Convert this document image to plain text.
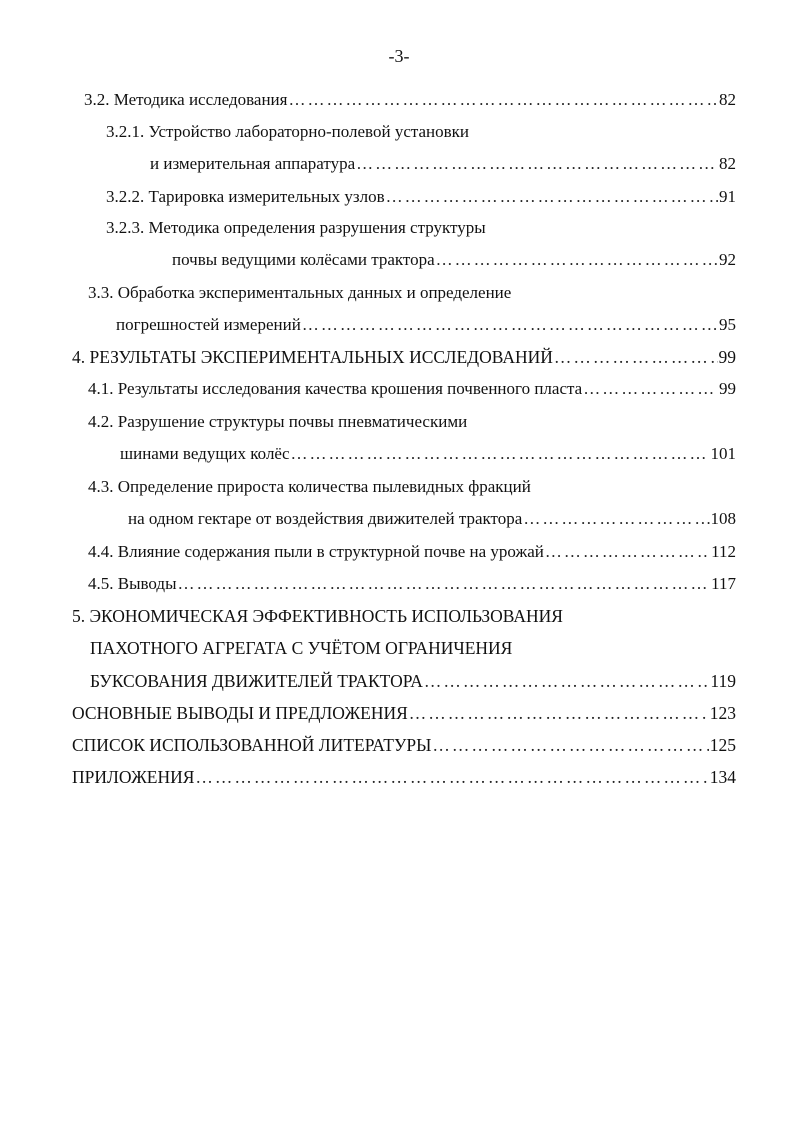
-3-
3.2. Методика исследования …………………………………………………………………………………………………………………………………………………………………………………………	82
3.2.1. Устройство лабораторно-полевой установки
и измерительная аппаратура …………………………………………………………………………………………………………………………………………………………………………………………	82
3.2.2. Тарировка измерительных узлов …………………………………………………………………………………………………………………………………………………………………………………………	91
3.2.3. Методика определения разрушения структуры
почвы ведущими колёсами трактора …………………………………………………………………………………………………………………………………………………………………………………………	92
3.3. Обработка экспериментальных данных и определение
погрешностей измерений …………………………………………………………………………………………………………………………………………………………………………………………	95
4. РЕЗУЛЬТАТЫ ЭКСПЕРИМЕНТАЛЬНЫХ ИССЛЕДОВАНИЙ …………………………………………………………………………………………………………………………………………………………………………………………	99
4.1. Результаты исследования качества крошения почвенного пласта …………………………………………………………………………………………………………………………………………………………………………………………	99
4.2. Разрушение структуры почвы пневматическими
шинами ведущих колёс …………………………………………………………………………………………………………………………………………………………………………………………	101
4.3. Определение прироста количества пылевидных фракций
на одном гектаре от воздействия движителей трактора …………………………………………………………………………………………………………………………………………………………………………………………	108
4.4. Влияние содержания пыли в структурной почве на урожай …………………………………………………………………………………………………………………………………………………………………………………………	112
4.5. Выводы …………………………………………………………………………………………………………………………………………………………………………………………	117
5. ЭКОНОМИЧЕСКАЯ ЭФФЕКТИВНОСТЬ ИСПОЛЬЗОВАНИЯ
ПАХОТНОГО АГРЕГАТА С УЧЁТОМ ОГРАНИЧЕНИЯ
БУКСОВАНИЯ ДВИЖИТЕЛЕЙ ТРАКТОРА …………………………………………………………………………………………………………………………………………………………………………………………	119
ОСНОВНЫЕ ВЫВОДЫ И ПРЕДЛОЖЕНИЯ …………………………………………………………………………………………………………………………………………………………………………………………	123
СПИСОК ИСПОЛЬЗОВАННОЙ ЛИТЕРАТУРЫ …………………………………………………………………………………………………………………………………………………………………………………………	125
ПРИЛОЖЕНИЯ …………………………………………………………………………………………………………………………………………………………………………………………	134
